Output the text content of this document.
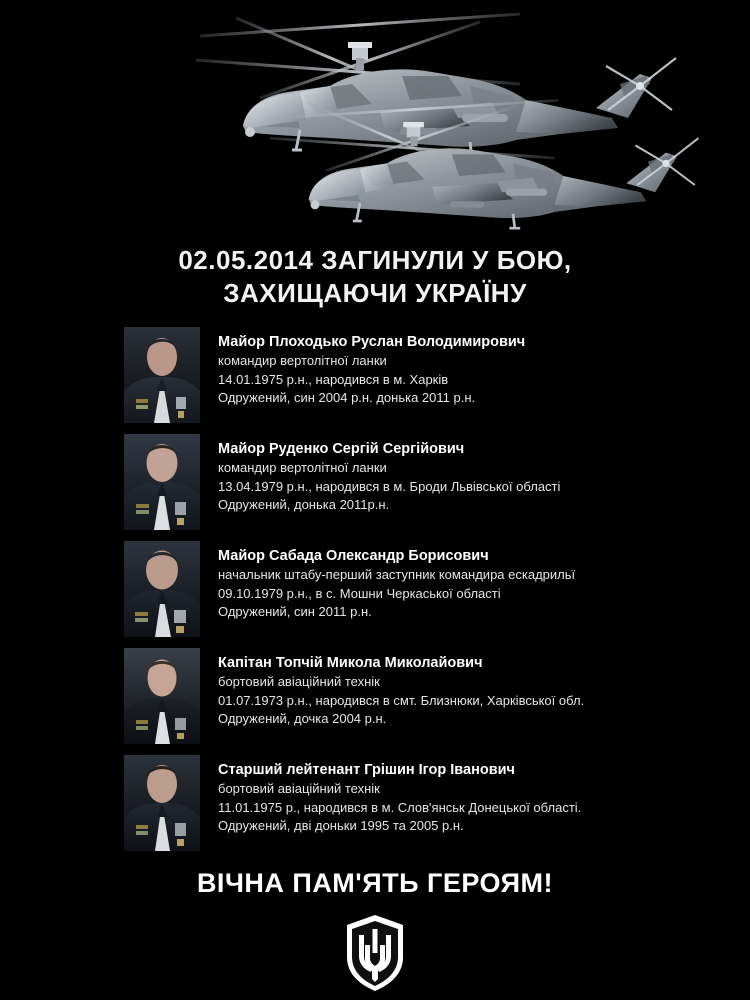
02.05.2014 ЗАГИНУЛИ У БОЮ,
ЗАХИЩАЮЧИ УКРАЇНУ
Майор Плоходько Руслан Володимирович
командир вертолітної ланки
14.01.1975 р.н., народився в м. Харків
Одружений, син 2004 р.н. донька 2011 р.н.
Майор Руденко Сергій Сергійович
командир вертолітної ланки
13.04.1979 р.н., народився в м. Броди Львівської області
Одружений, донька 2011р.н.
Майор Сабада Олександр Борисович
начальник штабу-перший заступник командира ескадрильї
09.10.1979 р.н., в с. Мошни Черкаської області
Одружений, син 2011 р.н.
Капітан Топчій Микола Миколайович
бортовий авіаційний технік
01.07.1973 р.н., народився в смт. Близнюки, Харківської обл.
Одружений, дочка 2004 р.н.
Старший лейтенант Грішин Ігор Іванович
бортовий авіаційний технік
11.01.1975 р., народився в м. Слов'янськ Донецької області.
Одружений, дві доньки 1995 та 2005 р.н.
ВІЧНА ПАМ'ЯТЬ ГЕРОЯМ!
